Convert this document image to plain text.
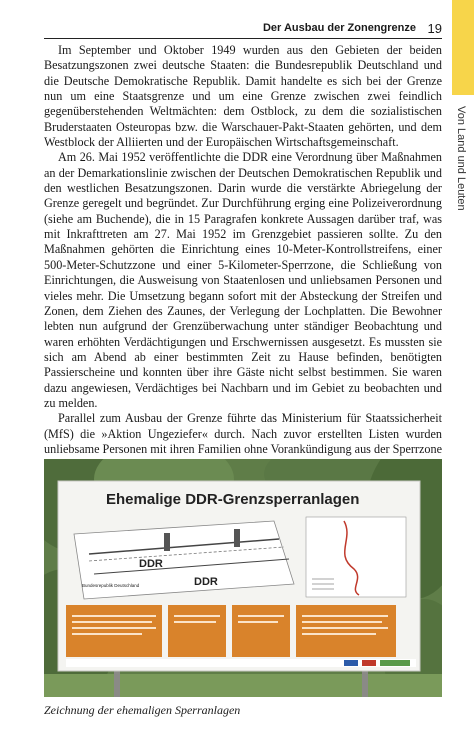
Der Ausbau der Zonengrenze 19
Von Land und Leuten

Im September und Oktober 1949 wurden aus den Gebieten der beiden Besatzungszonen zwei deutsche Staaten: die Bundesrepublik Deutschland und die Deutsche Demokratische Republik. Damit handelte es sich bei der Grenze nun um eine Staatsgrenze und um eine Grenze zwischen zwei feindlich gegenüberstehenden Weltmächten: dem Ostblock, zu dem die sozialistischen Bruderstaaten Osteuropas bzw. die Warschauer-Pakt-Staaten gehörten, und dem Westblock der Alliierten und der Europäischen Wirtschaftsgemeinschaft.

Am 26. Mai 1952 veröffentlichte die DDR eine Verordnung über Maßnahmen an der Demarkationslinie zwischen der Deutschen Demokratischen Republik und den westlichen Besatzungszonen. Darin wurde die verstärkte Abriegelung der Grenze geregelt und begründet. Zur Durchführung erging eine Polizeiverordnung (siehe am Buchende), die in 15 Paragrafen konkrete Aussagen darüber traf, was mit Inkrafttreten am 27. Mai 1952 im Grenzgebiet passieren sollte. Zu den Maßnahmen gehörten die Einrichtung eines 10-Meter-Kontrollstreifens, einer 500-Meter-Schutzzone und einer 5-Kilometer-Sperrzone, die Schließung von Einrichtungen, die Ausweisung von Staatenlosen und unliebsamen Personen und vieles mehr. Die Umsetzung begann sofort mit der Absteckung der Streifen und Zonen, dem Ziehen des Zaunes, der Verlegung der Lochplatten. Die Bewohner lebten nun aufgrund der Grenzüberwachung unter ständiger Beobachtung und waren erhöhten Verdächtigungen und Erschwernissen ausgesetzt. Es mussten sie sich am Abend ab einer bestimmten Zeit zu Hause befinden, benötigten Passierscheine und konnten über ihre Gäste nicht selbst bestimmen. Sie waren dazu angewiesen, Verdächtiges bei Nachbarn und im Gebiet zu beobachten und zu melden.

Parallel zum Ausbau der Grenze führte das Ministerium für Staatssicherheit (MfS) die »Aktion Ungeziefer« durch. Nach zuvor erstellten Listen wurden unliebsame Personen mit ihren Familien ohne Vorankündigung aus der Sperrzone

Ehemalige DDR-Grenzsperranlagen
DDR
DDR
Bundesrepublik Deutschland
Zeichnung der ehemaligen Sperranlagen
